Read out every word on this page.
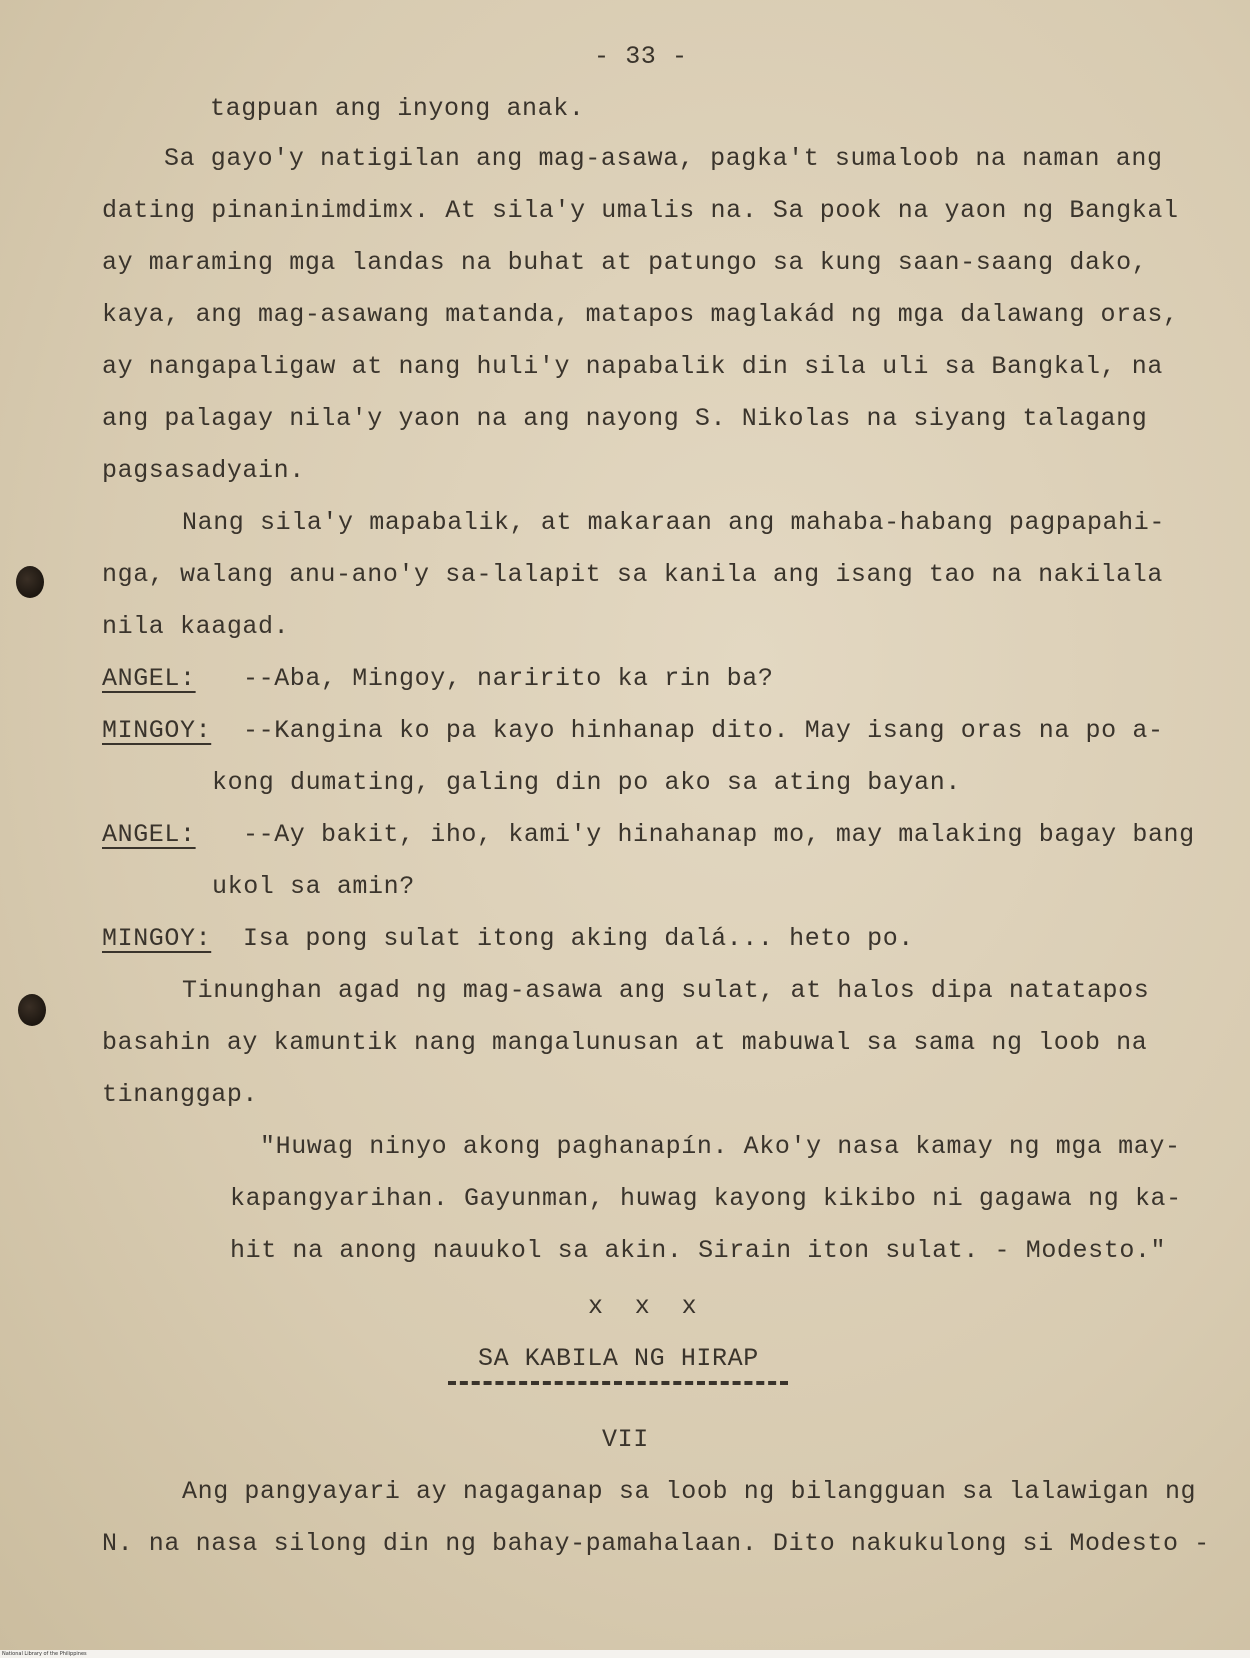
- 33 -
tagpuan ang inyong anak.
Sa gayo'y natigilan ang mag-asawa, pagka't sumaloob na naman ang
dating pinaninimdimx. At sila'y umalis na. Sa pook na yaon ng Bangkal
ay maraming mga landas na buhat at patungo sa kung saan-saang dako,
kaya, ang mag-asawang matanda, matapos maglakád ng mga dalawang oras,
ay nangapaligaw at nang huli'y napabalik din sila uli sa Bangkal, na
ang palagay nila'y yaon na ang nayong S. Nikolas na siyang talagang
pagsasadyain.
Nang sila'y mapabalik, at makaraan ang mahaba-habang pagpapahi-
nga, walang anu-ano'y sa-lalapit sa kanila ang isang tao na nakilala
nila kaagad.
ANGEL: --Aba, Mingoy, naririto ka rin ba?
MINGOY: --Kangina ko pa kayo hinhanap dito. May isang oras na po a-
kong dumating, galing din po ako sa ating bayan.
ANGEL: --Ay bakit, iho, kami'y hinahanap mo, may malaking bagay bang
ukol sa amin?
MINGOY: Isa pong sulat itong aking dalá... heto po.
Tinunghan agad ng mag-asawa ang sulat, at halos dipa natatapos
basahin ay kamuntik nang mangalunusan at mabuwal sa sama ng loob na
tinanggap.
"Huwag ninyo akong paghanapín. Ako'y nasa kamay ng mga may-
kapangyarihan. Gayunman, huwag kayong kikibo ni gagawa ng ka-
hit na anong nauukol sa akin. Sirain iton sulat. - Modesto."
x  x  x
SA KABILA NG HIRAP
VII
Ang pangyayari ay nagaganap sa loob ng bilangguan sa lalawigan ng
N. na nasa silong din ng bahay-pamahalaan. Dito nakukulong si Modesto -
National Library of the Philippines
